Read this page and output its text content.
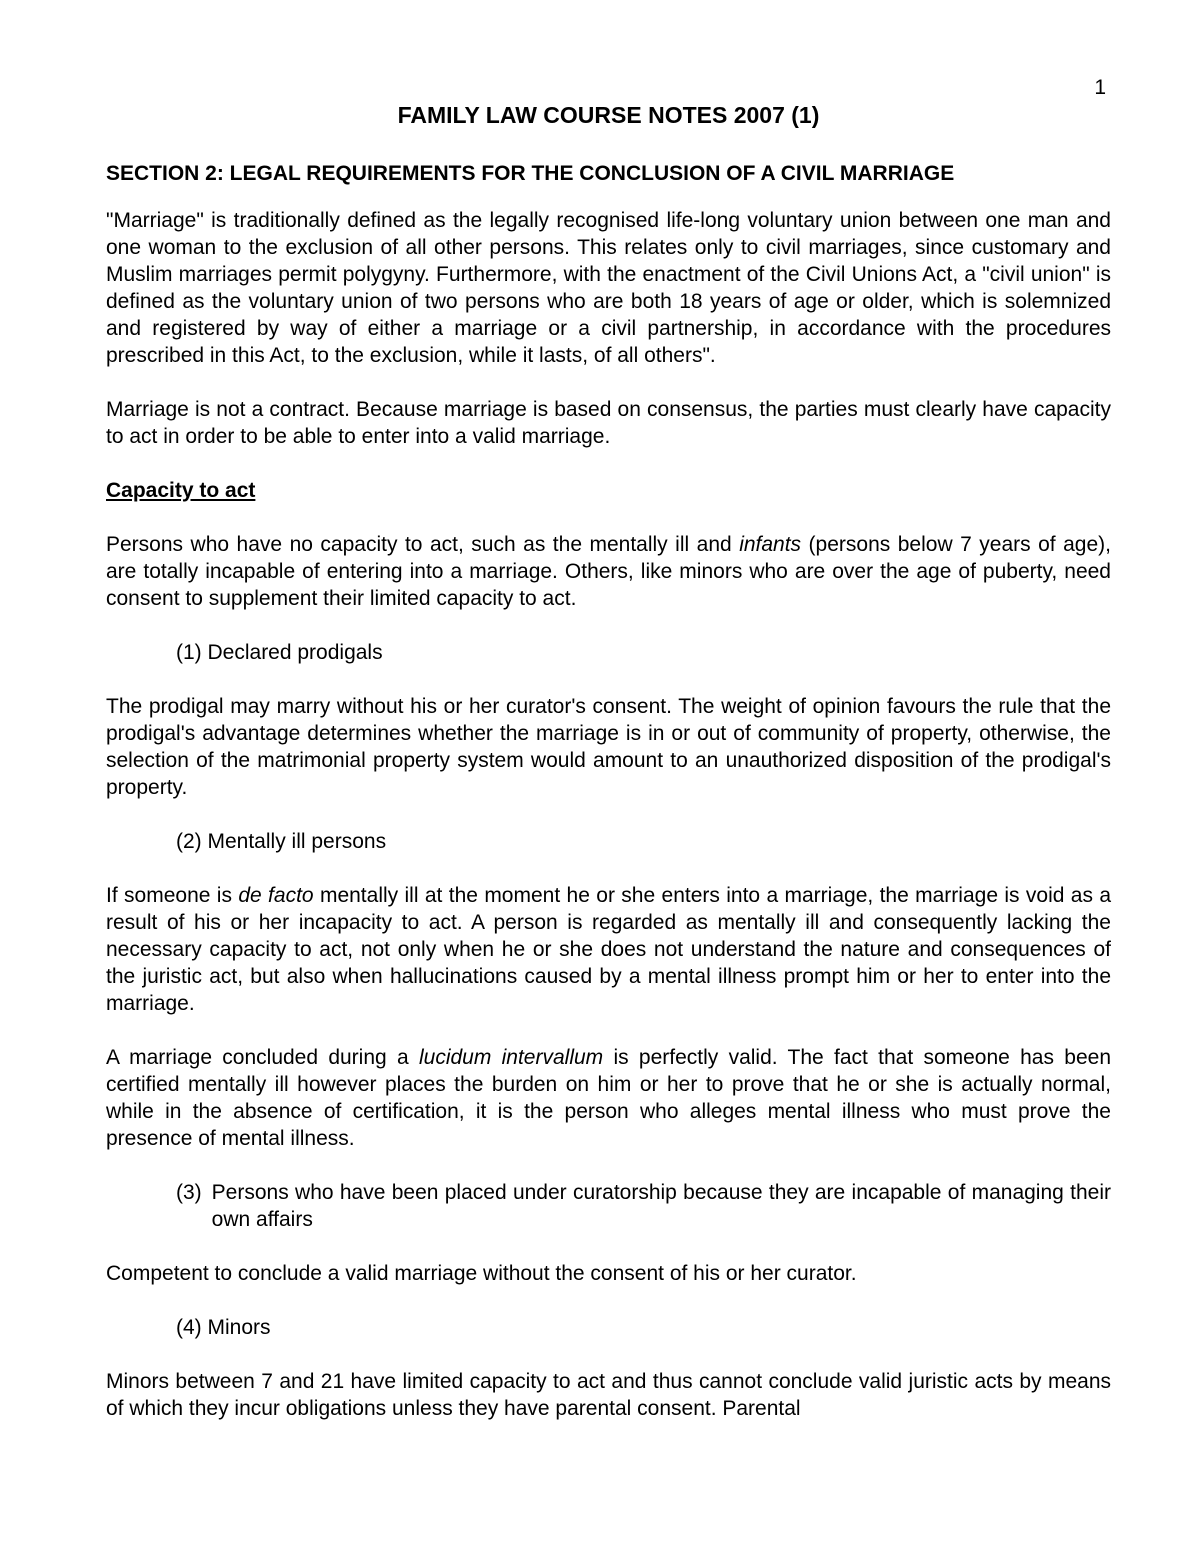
1
FAMILY LAW COURSE NOTES 2007 (1)
SECTION 2: LEGAL REQUIREMENTS FOR THE CONCLUSION OF A CIVIL MARRIAGE

"Marriage" is traditionally defined as the legally recognised life-long voluntary union between one man and one woman to the exclusion of all other persons. This relates only to civil marriages, since customary and Muslim marriages permit polygyny. Furthermore, with the enactment of the Civil Unions Act, a "civil union" is defined as the voluntary union of two persons who are both 18 years of age or older, which is solemnized and registered by way of either a marriage or a civil partnership, in accordance with the procedures prescribed in this Act, to the exclusion, while it lasts, of all others".

Marriage is not a contract. Because marriage is based on consensus, the parties must clearly have capacity to act in order to be able to enter into a valid marriage.

Capacity to act

Persons who have no capacity to act, such as the mentally ill and infants (persons below 7 years of age), are totally incapable of entering into a marriage. Others, like minors who are over the age of puberty, need consent to supplement their limited capacity to act.

(1) Declared prodigals

The prodigal may marry without his or her curator's consent. The weight of opinion favours the rule that the prodigal's advantage determines whether the marriage is in or out of community of property, otherwise, the selection of the matrimonial property system would amount to an unauthorized disposition of the prodigal's property.

(2) Mentally ill persons

If someone is de facto mentally ill at the moment he or she enters into a marriage, the marriage is void as a result of his or her incapacity to act. A person is regarded as mentally ill and consequently lacking the necessary capacity to act, not only when he or she does not understand the nature and consequences of the juristic act, but also when hallucinations caused by a mental illness prompt him or her to enter into the marriage.

A marriage concluded during a lucidum intervallum is perfectly valid. The fact that someone has been certified mentally ill however places the burden on him or her to prove that he or she is actually normal, while in the absence of certification, it is the person who alleges mental illness who must prove the presence of mental illness.

(3) Persons who have been placed under curatorship because they are incapable of managing their own affairs

Competent to conclude a valid marriage without the consent of his or her curator.

(4) Minors

Minors between 7 and 21 have limited capacity to act and thus cannot conclude valid juristic acts by means of which they incur obligations unless they have parental consent. Parental
